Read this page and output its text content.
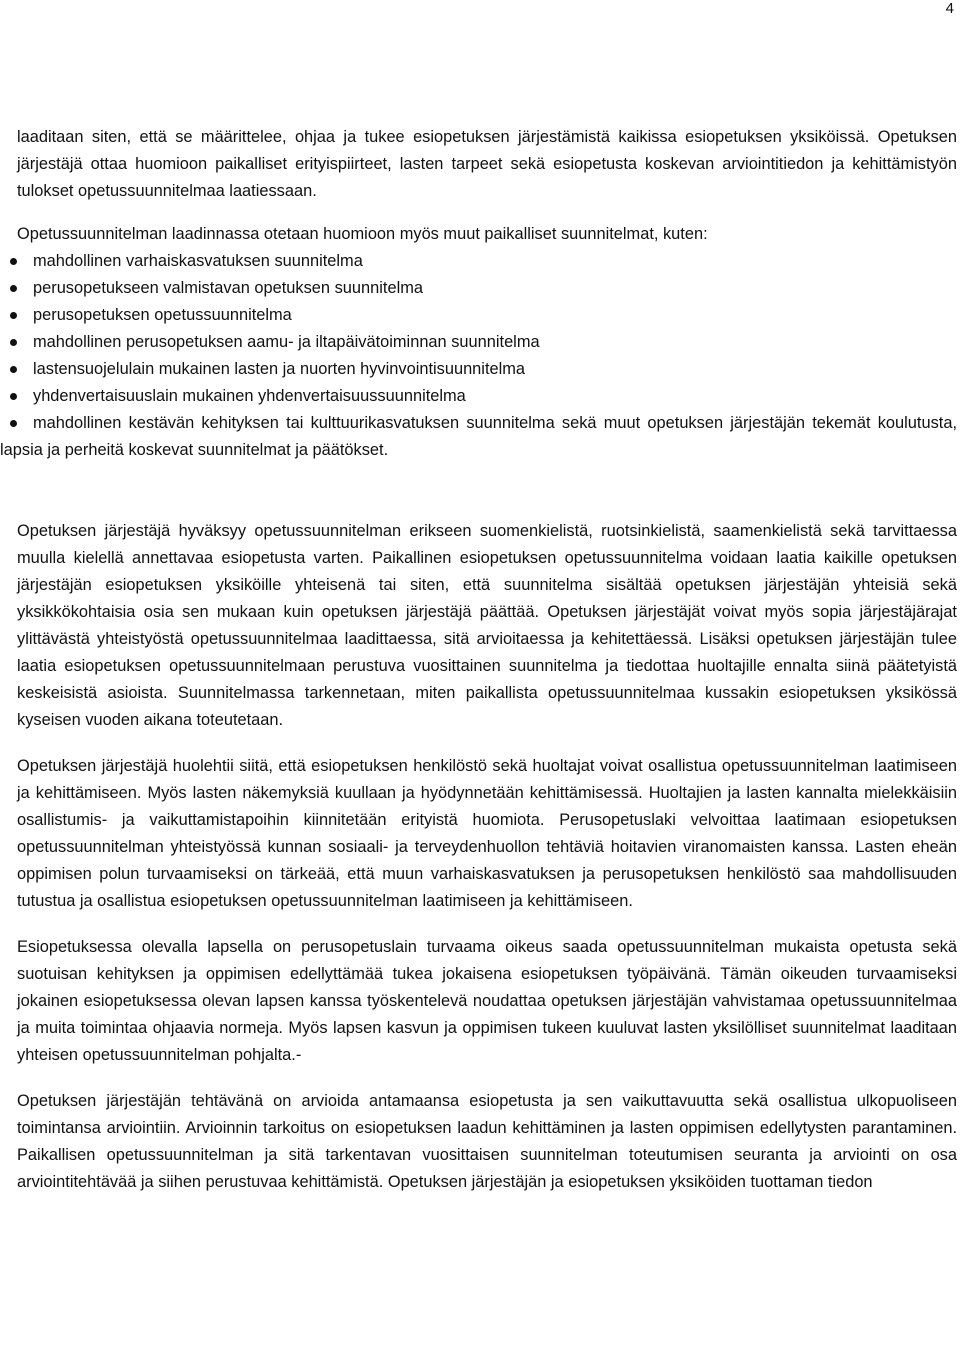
4

laaditaan siten, että se määrittelee, ohjaa ja tukee esiopetuksen järjestämistä kaikissa esiopetuksen yksiköissä. Opetuksen järjestäjä ottaa huomioon paikalliset erityispiirteet, lasten tarpeet sekä esiopetusta koskevan arviointitiedon ja kehittämistyön tulokset opetussuunnitelmaa laatiessaan.

Opetussuunnitelman laadinnassa otetaan huomioon myös muut paikalliset suunnitelmat, kuten:

mahdollinen varhaiskasvatuksen suunnitelma
perusopetukseen valmistavan opetuksen suunnitelma
perusopetuksen opetussuunnitelma
mahdollinen perusopetuksen aamu- ja iltapäivätoiminnan suunnitelma
lastensuojelulain mukainen lasten ja nuorten hyvinvointisuunnitelma
yhdenvertaisuuslain mukainen yhdenvertaisuussuunnitelma
mahdollinen kestävän kehityksen tai kulttuurikasvatuksen suunnitelma sekä muut opetuksen järjestäjän tekemät koulutusta, lapsia ja perheitä koskevat suunnitelmat ja päätökset.

Opetuksen järjestäjä hyväksyy opetussuunnitelman erikseen suomenkielistä, ruotsinkielistä, saamenkielistä sekä tarvittaessa muulla kielellä annettavaa esiopetusta varten. Paikallinen esiopetuksen opetussuunnitelma voidaan laatia kaikille opetuksen järjestäjän esiopetuksen yksiköille yhteisenä tai siten, että suunnitelma sisältää opetuksen järjestäjän yhteisiä sekä yksikkökohtaisia osia sen mukaan kuin opetuksen järjestäjä päättää. Opetuksen järjestäjät voivat myös sopia järjestäjärajat ylittävästä yhteistyöstä opetussuunnitelmaa laadittaessa, sitä arvioitaessa ja kehitettäessä. Lisäksi opetuksen järjestäjän tulee laatia esiopetuksen opetussuunnitelmaan perustuva vuosittainen suunnitelma ja tiedottaa huoltajille ennalta siinä päätetyistä keskeisistä asioista. Suunnitelmassa tarkennetaan, miten paikallista opetussuunnitelmaa kussakin esiopetuksen yksikössä kyseisen vuoden aikana toteutetaan.

Opetuksen järjestäjä huolehtii siitä, että esiopetuksen henkilöstö sekä huoltajat voivat osallistua opetussuunnitelman laatimiseen ja kehittämiseen. Myös lasten näkemyksiä kuullaan ja hyödynnetään kehittämisessä. Huoltajien ja lasten kannalta mielekkäisiin osallistumis- ja vaikuttamistapoihin kiinnitetään erityistä huomiota. Perusopetuslaki velvoittaa laatimaan esiopetuksen opetussuunnitelman yhteistyössä kunnan sosiaali- ja terveydenhuollon tehtäviä hoitavien viranomaisten kanssa. Lasten eheän oppimisen polun turvaamiseksi on tärkeää, että muun varhaiskasvatuksen ja perusopetuksen henkilöstö saa mahdollisuuden tutustua ja osallistua esiopetuksen opetussuunnitelman laatimiseen ja kehittämiseen.

Esiopetuksessa olevalla lapsella on perusopetuslain turvaama oikeus saada opetussuunnitelman mukaista opetusta sekä suotuisan kehityksen ja oppimisen edellyttämää tukea jokaisena esiopetuksen työpäivänä. Tämän oikeuden turvaamiseksi jokainen esiopetuksessa olevan lapsen kanssa työskentelevä noudattaa opetuksen järjestäjän vahvistamaa opetussuunnitelmaa ja muita toimintaa ohjaavia normeja. Myös lapsen kasvun ja oppimisen tukeen kuuluvat lasten yksilölliset suunnitelmat laaditaan yhteisen opetussuunnitelman pohjalta.-

Opetuksen järjestäjän tehtävänä on arvioida antamaansa esiopetusta ja sen vaikuttavuutta sekä osallistua ulkopuoliseen toimintansa arviointiin. Arvioinnin tarkoitus on esiopetuksen laadun kehittäminen ja lasten oppimisen edellytysten parantaminen. Paikallisen opetussuunnitelman ja sitä tarkentavan vuosittaisen suunnitelman toteutumisen seuranta ja arviointi on osa arviointitehtävää ja siihen perustuvaa kehittämistä. Opetuksen järjestäjän ja esiopetuksen yksiköiden tuottaman tiedon
